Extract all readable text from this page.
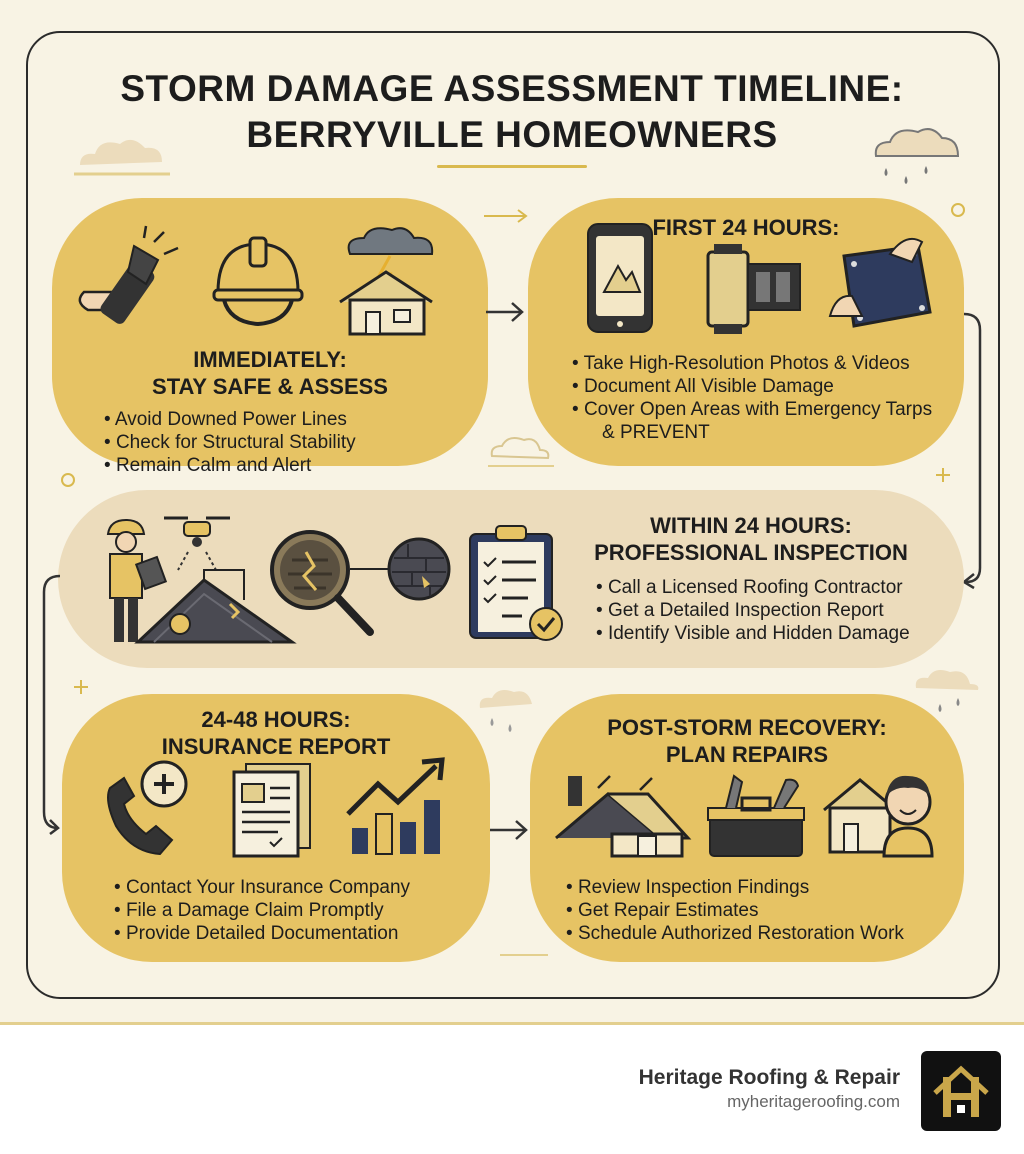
STORM DAMAGE ASSESSMENT TIMELINE:
BERRYVILLE HOMEOWNERS
IMMEDIATELY:
STAY SAFE & ASSESS
• Avoid Downed Power Lines
• Check for Structural Stability
• Remain Calm and Alert
FIRST 24 HOURS:
• Take High-Resolution Photos & Videos
• Document All Visible Damage
• Cover Open Areas with Emergency Tarps
& PREVENT
WITHIN 24 HOURS:
PROFESSIONAL INSPECTION
• Call a Licensed Roofing Contractor
• Get a Detailed Inspection Report
• Identify Visible and Hidden Damage
24-48 HOURS:
INSURANCE REPORT
• Contact Your Insurance Company
• File a Damage Claim Promptly
• Provide Detailed Documentation
POST-STORM RECOVERY:
PLAN REPAIRS
• Review Inspection Findings
• Get Repair Estimates
• Schedule Authorized Restoration Work
Heritage Roofing & Repair
myheritageroofing.com
